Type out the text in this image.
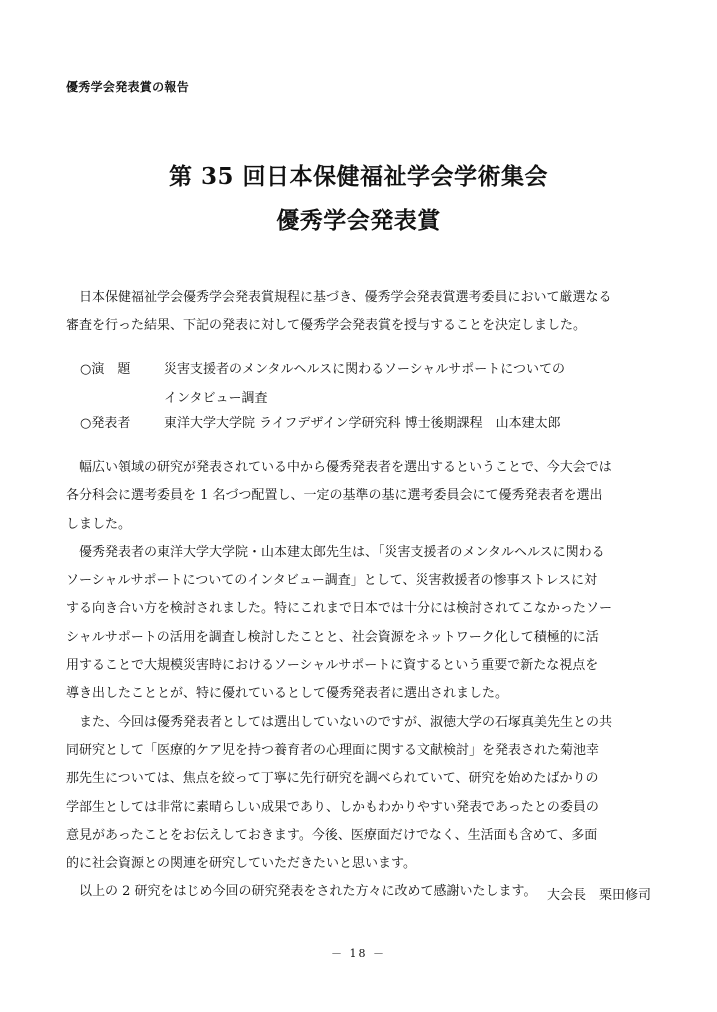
優秀学会発表賞の報告
第 35 回日本保健福祉学会学術集会
優秀学会発表賞
　日本保健福祉学会優秀学会発表賞規程に基づき、優秀学会発表賞選考委員において厳選なる
審査を行った結果、下記の発表に対して優秀学会発表賞を授与することを決定しました。
○演　題	災害支援者のメンタルヘルスに関わるソーシャルサポートについての
インタビュー調査
○発表者	東洋大学大学院 ライフデザイン学研究科 博士後期課程　山本建太郎
　幅広い領域の研究が発表されている中から優秀発表者を選出するということで、今大会では
各分科会に選考委員を 1 名づつ配置し、一定の基準の基に選考委員会にて優秀発表者を選出
しました。
　優秀発表者の東洋大学大学院・山本建太郎先生は、「災害支援者のメンタルヘルスに関わる
ソーシャルサポートについてのインタビュー調査」として、災害救援者の惨事ストレスに対
する向き合い方を検討されました。特にこれまで日本では十分には検討されてこなかったソー
シャルサポートの活用を調査し検討したことと、社会資源をネットワーク化して積極的に活
用することで大規模災害時におけるソーシャルサポートに資するという重要で新たな視点を
導き出したこととが、特に優れているとして優秀発表者に選出されました。
　また、今回は優秀発表者としては選出していないのですが、淑徳大学の石塚真美先生との共
同研究として「医療的ケア児を持つ養育者の心理面に関する文献検討」を発表された菊池幸
那先生については、焦点を絞って丁寧に先行研究を調べられていて、研究を始めたばかりの
学部生としては非常に素晴らしい成果であり、しかもわかりやすい発表であったとの委員の
意見があったことをお伝えしておきます。今後、医療面だけでなく、生活面も含めて、多面
的に社会資源との関連を研究していただきたいと思います。
　以上の 2 研究をはじめ今回の研究発表をされた方々に改めて感謝いたします。 大会長　栗田修司
－ 18 －
